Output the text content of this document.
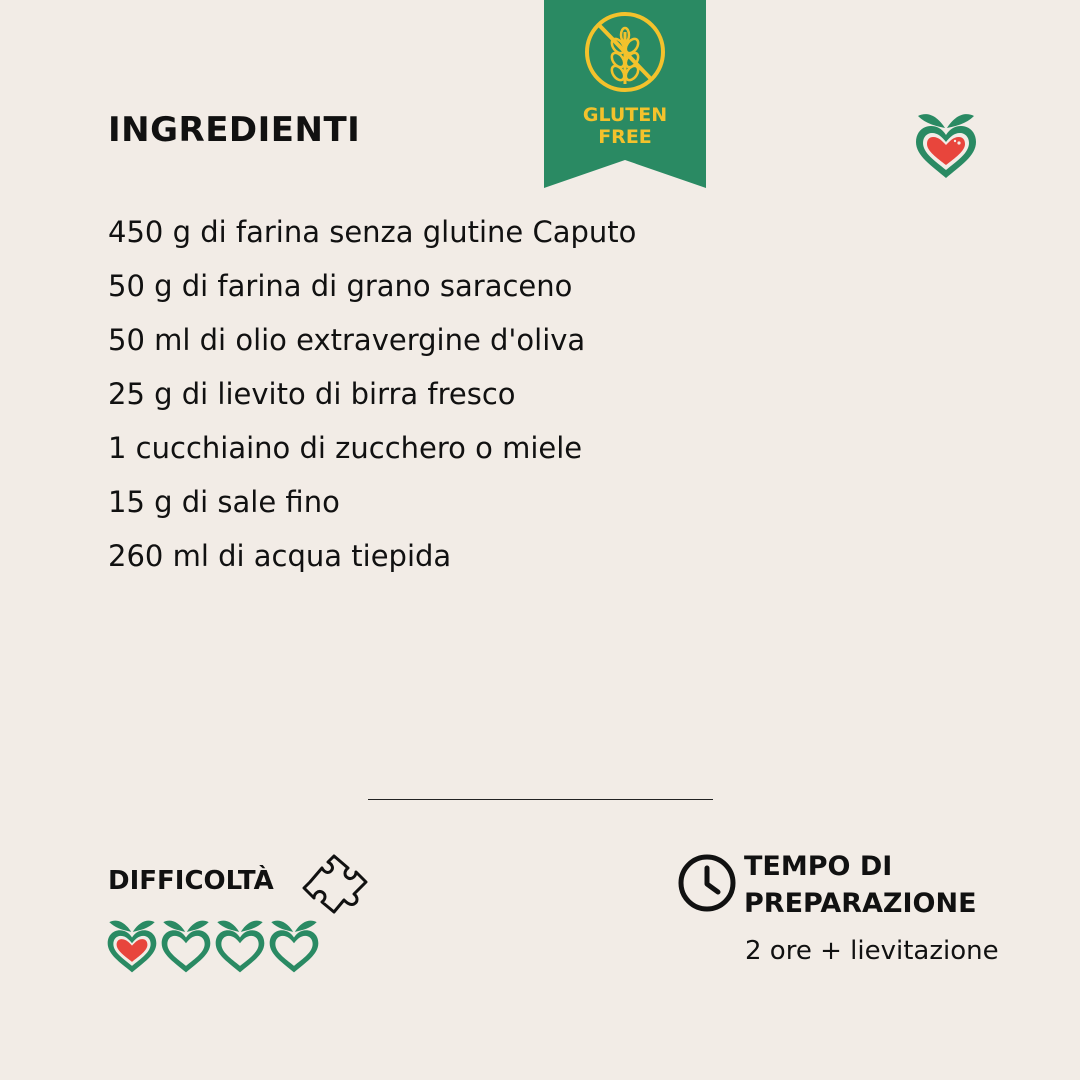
INGREDIENTI	GLUTEN
FREE
450 g di farina senza glutine Caputo
50 g di farina di grano saraceno
50 ml di olio extravergine d'oliva
25 g di lievito di birra fresco
1 cucchiaino di zucchero o miele
15 g di sale fino
260 ml di acqua tiepida
DIFFICOLTÀ	TEMPO DI
PREPARAZIONE

2 ore + lievitazione
